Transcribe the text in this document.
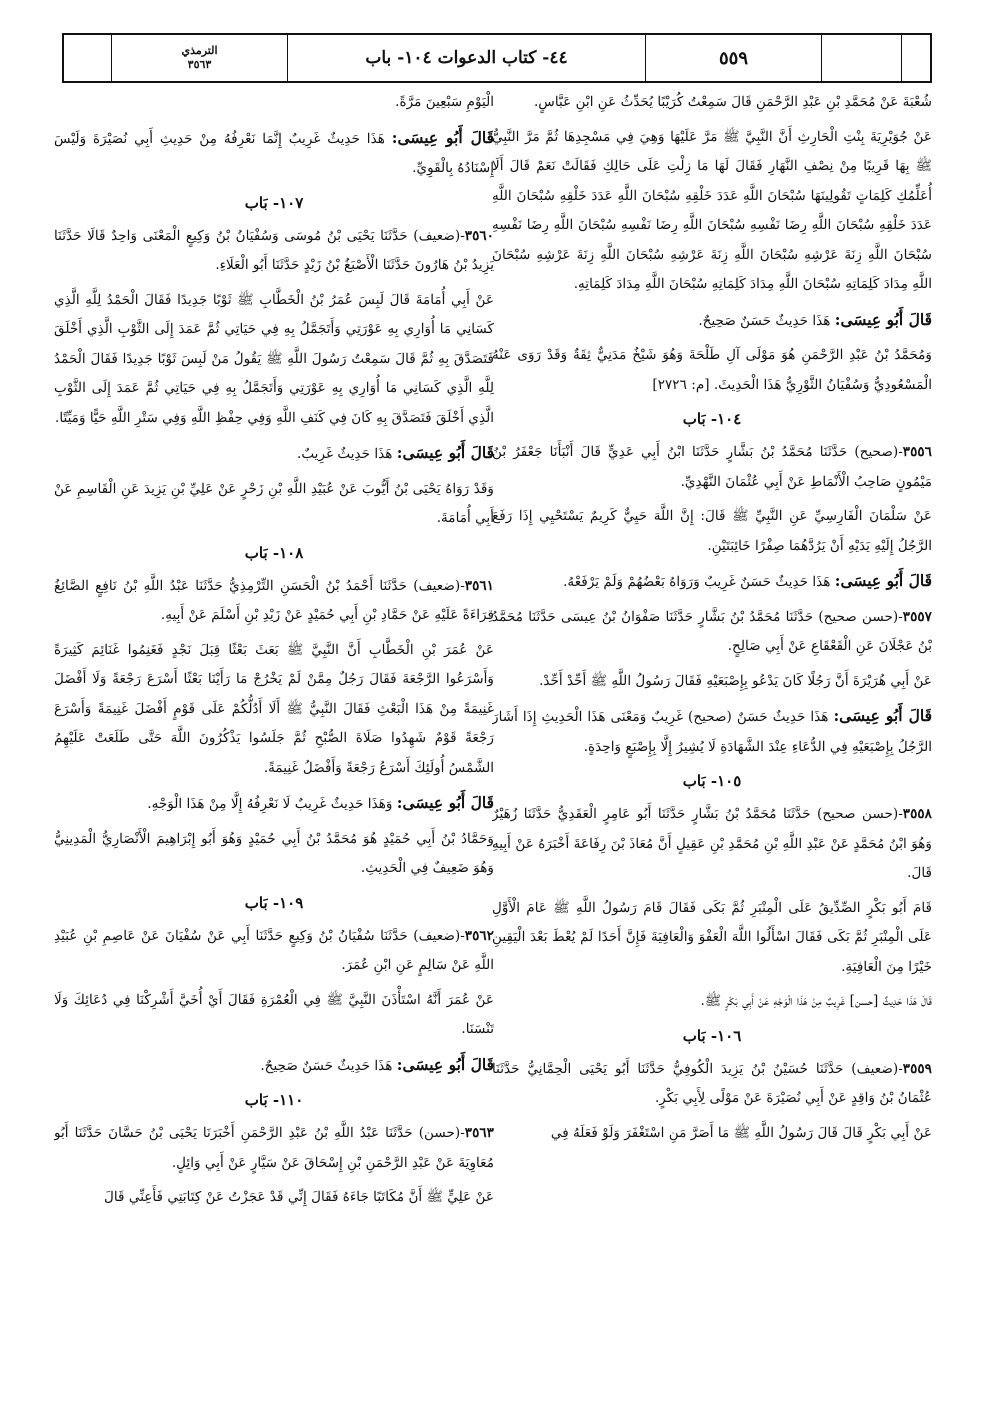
الترمذي
٣٥٦٣	٤٤- كتاب الدعوات ١٠٤- باب	٥٥٩

شُعْبَةَ عَنْ مُحَمَّدِ بْنِ عَبْدِ الرَّحْمَنِ قَالَ سَمِعْتُ كُرَيْبًا يُحَدِّثُ عَنِ ابْنِ عَبَّاسٍ.

عَنْ جُوَيْرِيَةَ بِنْتِ الْحَارِثِ أَنَّ النَّبِيَّ ﷺ مَرَّ عَلَيْهَا وَهِيَ فِي مَسْجِدِهَا ثُمَّ مَرَّ النَّبِيُّ ﷺ بِهَا قَرِيبًا مِنْ نِصْفِ النَّهَارِ فَقَالَ لَهَا مَا زِلْتِ عَلَى حَالِكِ فَقَالَتْ نَعَمْ قَالَ أَلَا أُعَلِّمُكِ كَلِمَاتٍ تَقُولِينَهَا سُبْحَانَ اللَّهِ عَدَدَ خَلْقِهِ سُبْحَانَ اللَّهِ عَدَدَ خَلْقِهِ سُبْحَانَ اللَّهِ عَدَدَ خَلْقِهِ سُبْحَانَ اللَّهِ رِضَا نَفْسِهِ سُبْحَانَ اللَّهِ رِضَا نَفْسِهِ سُبْحَانَ اللَّهِ رِضَا نَفْسِهِ سُبْحَانَ اللَّهِ زِنَةَ عَرْشِهِ سُبْحَانَ اللَّهِ زِنَةَ عَرْشِهِ سُبْحَانَ اللَّهِ زِنَةَ عَرْشِهِ سُبْحَانَ اللَّهِ مِدَادَ كَلِمَاتِهِ سُبْحَانَ اللَّهِ مِدَادَ كَلِمَاتِهِ سُبْحَانَ اللَّهِ مِدَادَ كَلِمَاتِهِ.

قَالَ أَبُو عِيسَى: هَذَا حَدِيثٌ حَسَنٌ صَحِيحٌ.

وَمُحَمَّدُ بْنُ عَبْدِ الرَّحْمَنِ هُوَ مَوْلَى آلِ طَلْحَةَ وَهُوَ شَيْخٌ مَدَنِيٌّ ثِقَةٌ وَقَدْ رَوَى عَنْهُ الْمَسْعُودِيُّ وَسُفْيَانُ الثَّوْرِيُّ هَذَا الْحَدِيثَ. [م: ٢٧٢٦]

١٠٤- بَاب

٣٥٥٦-(صحيح) حَدَّثَنَا مُحَمَّدُ بْنُ بَشَّارٍ حَدَّثَنَا ابْنُ أَبِي عَدِيٍّ قَالَ أَنْبَأَنَا جَعْفَرُ بْنُ مَيْمُونٍ صَاحِبُ الْأَنْمَاطِ عَنْ أَبِي عُثْمَانَ النَّهْدِيِّ.

عَنْ سَلْمَانَ الْفَارِسِيِّ عَنِ النَّبِيِّ ﷺ قَالَ: إِنَّ اللَّهَ حَيِيٌّ كَرِيمٌ يَسْتَحْيِي إِذَا رَفَعَ الرَّجُلُ إِلَيْهِ يَدَيْهِ أَنْ يَرُدَّهُمَا صِفْرًا خَائِبَتَيْنِ.

قَالَ أَبُو عِيسَى: هَذَا حَدِيثٌ حَسَنٌ غَرِيبٌ وَرَوَاهُ بَعْضُهُمْ وَلَمْ يَرْفَعْهُ.

٣٥٥٧-(حسن صحيح) حَدَّثَنَا مُحَمَّدُ بْنُ بَشَّارٍ حَدَّثَنَا صَفْوَانُ بْنُ عِيسَى حَدَّثَنَا مُحَمَّدُ بْنُ عَجْلَانَ عَنِ الْقَعْقَاعِ عَنْ أَبِي صَالِحٍ.

عَنْ أَبِي هُرَيْرَةَ أَنَّ رَجُلًا كَانَ يَدْعُو بِإِصْبَعَيْهِ فَقَالَ رَسُولُ اللَّهِ ﷺ أَحِّدْ أَحِّدْ.

قَالَ أَبُو عِيسَى: هَذَا حَدِيثٌ حَسَنٌ (صحيح) غَرِيبٌ وَمَعْنَى هَذَا الْحَدِيثِ إِذَا أَشَارَ الرَّجُلُ بِإِصْبَعَيْهِ فِي الدُّعَاءِ عِنْدَ الشَّهَادَةِ لَا يُشِيرُ إِلَّا بِإِصْبَعٍ وَاحِدَةٍ.

١٠٥- بَاب

٣٥٥٨-(حسن صحيح) حَدَّثَنَا مُحَمَّدُ بْنُ بَشَّارٍ حَدَّثَنَا أَبُو عَامِرٍ الْعَقَدِيُّ حَدَّثَنَا زُهَيْرٌ وَهُوَ ابْنُ مُحَمَّدٍ عَنْ عَبْدِ اللَّهِ بْنِ مُحَمَّدِ بْنِ عَقِيلٍ أَنَّ مُعَاذَ بْنَ رِفَاعَةَ أَخْبَرَهُ عَنْ أَبِيهِ قَالَ.

قَامَ أَبُو بَكْرٍ الصِّدِّيقُ عَلَى الْمِنْبَرِ ثُمَّ بَكَى فَقَالَ قَامَ رَسُولُ اللَّهِ ﷺ عَامَ الْأَوَّلِ عَلَى الْمِنْبَرِ ثُمَّ بَكَى فَقَالَ اسْأَلُوا اللَّهَ الْعَفْوَ وَالْعَافِيَةَ فَإِنَّ أَحَدًا لَمْ يُعْطَ بَعْدَ الْيَقِينِ خَيْرًا مِنَ الْعَافِيَةِ.

قَالَ هَذَا حَدِيثٌ [حسن] غَرِيبٌ مِنْ هَذَا الْوَجْهِ عَنْ أَبِي بَكْرٍ ﷺ.

١٠٦- بَاب

٣٥٥٩-(ضعيف) حَدَّثَنَا حُسَيْنُ بْنُ يَزِيدَ الْكُوفِيُّ حَدَّثَنَا أَبُو يَحْيَى الْحِمَّانِيُّ حَدَّثَنَا عُثْمَانُ بْنُ وَاقِدٍ عَنْ أَبِي نُصَيْرَةَ عَنْ مَوْلًى لِأَبِي بَكْرٍ.

عَنْ أَبِي بَكْرٍ قَالَ قَالَ رَسُولُ اللَّهِ ﷺ مَا أَصَرَّ مَنِ اسْتَغْفَرَ وَلَوْ فَعَلَهُ فِي

الْيَوْمِ سَبْعِينَ مَرَّةً.

قَالَ أَبُو عِيسَى: هَذَا حَدِيثٌ غَرِيبٌ إِنَّمَا نَعْرِفُهُ مِنْ حَدِيثِ أَبِي نُصَيْرَةَ وَلَيْسَ إِسْنَادُهُ بِالْقَوِيِّ.

١٠٧- بَاب

٣٥٦٠-(ضعيف) حَدَّثَنَا يَحْيَى بْنُ مُوسَى وَسُفْيَانُ بْنُ وَكِيعٍ الْمَعْنَى وَاحِدٌ قَالَا حَدَّثَنَا يَزِيدُ بْنُ هَارُونَ حَدَّثَنَا الْأَصْبَغُ بْنُ زَيْدٍ حَدَّثَنَا أَبُو الْعَلَاءِ.

عَنْ أَبِي أُمَامَةَ قَالَ لَبِسَ عُمَرُ بْنُ الْخَطَّابِ ﷺ ثَوْبًا جَدِيدًا فَقَالَ الْحَمْدُ لِلَّهِ الَّذِي كَسَانِي مَا أُوَارِي بِهِ عَوْرَتِي وَأَتَجَمَّلُ بِهِ فِي حَيَاتِي ثُمَّ عَمَدَ إِلَى الثَّوْبِ الَّذِي أَخْلَقَ فَتَصَدَّقَ بِهِ ثُمَّ قَالَ سَمِعْتُ رَسُولَ اللَّهِ ﷺ يَقُولُ مَنْ لَبِسَ ثَوْبًا جَدِيدًا فَقَالَ الْحَمْدُ لِلَّهِ الَّذِي كَسَانِي مَا أُوَارِي بِهِ عَوْرَتِي وَأَتَجَمَّلُ بِهِ فِي حَيَاتِي ثُمَّ عَمَدَ إِلَى الثَّوْبِ الَّذِي أَخْلَقَ فَتَصَدَّقَ بِهِ كَانَ فِي كَنَفِ اللَّهِ وَفِي حِفْظِ اللَّهِ وَفِي سَتْرِ اللَّهِ حَيًّا وَمَيِّتًا.

قَالَ أَبُو عِيسَى: هَذَا حَدِيثٌ غَرِيبٌ.

وَقَدْ رَوَاهُ يَحْيَى بْنُ أَيُّوبَ عَنْ عُبَيْدِ اللَّهِ بْنِ زَحْرٍ عَنْ عَلِيِّ بْنِ يَزِيدَ عَنِ الْقَاسِمِ عَنْ أَبِي أُمَامَةَ.

١٠٨- بَاب

٣٥٦١-(ضعيف) حَدَّثَنَا أَحْمَدُ بْنُ الْحَسَنِ التِّرْمِذِيُّ حَدَّثَنَا عَبْدُ اللَّهِ بْنُ نَافِعٍ الصَّائِغُ قِرَاءَةً عَلَيْهِ عَنْ حَمَّادِ بْنِ أَبِي حُمَيْدٍ عَنْ زَيْدِ بْنِ أَسْلَمَ عَنْ أَبِيهِ.

عَنْ عُمَرَ بْنِ الْخَطَّابِ أَنَّ النَّبِيَّ ﷺ بَعَثَ بَعْثًا قِبَلَ نَجْدٍ فَغَنِمُوا غَنَائِمَ كَثِيرَةً وَأَسْرَعُوا الرَّجْعَةَ فَقَالَ رَجُلٌ مِمَّنْ لَمْ يَخْرُجْ مَا رَأَيْنَا بَعْثًا أَسْرَعَ رَجْعَةً وَلَا أَفْضَلَ غَنِيمَةً مِنْ هَذَا الْبَعْثِ فَقَالَ النَّبِيُّ ﷺ أَلَا أَدُلُّكُمْ عَلَى قَوْمٍ أَفْضَلَ غَنِيمَةً وَأَسْرَعَ رَجْعَةً قَوْمٌ شَهِدُوا صَلَاةَ الصُّبْحِ ثُمَّ جَلَسُوا يَذْكُرُونَ اللَّهَ حَتَّى طَلَعَتْ عَلَيْهِمُ الشَّمْسُ أُولَئِكَ أَسْرَعُ رَجْعَةً وَأَفْضَلُ غَنِيمَةً.

قَالَ أَبُو عِيسَى: وَهَذَا حَدِيثٌ غَرِيبٌ لَا نَعْرِفُهُ إِلَّا مِنْ هَذَا الْوَجْهِ.

وَحَمَّادُ بْنُ أَبِي حُمَيْدٍ هُوَ مُحَمَّدُ بْنُ أَبِي حُمَيْدٍ وَهُوَ أَبُو إِبْرَاهِيمَ الْأَنْصَارِيُّ الْمَدِينِيُّ وَهُوَ ضَعِيفٌ فِي الْحَدِيثِ.

١٠٩- بَاب

٣٥٦٢-(ضعيف) حَدَّثَنَا سُفْيَانُ بْنُ وَكِيعٍ حَدَّثَنَا أَبِي عَنْ سُفْيَانَ عَنْ عَاصِمِ بْنِ عُبَيْدِ اللَّهِ عَنْ سَالِمٍ عَنِ ابْنِ عُمَرَ.

عَنْ عُمَرَ أَنَّهُ اسْتَأْذَنَ النَّبِيَّ ﷺ فِي الْعُمْرَةِ فَقَالَ أَيْ أُخَيَّ أَشْرِكْنَا فِي دُعَائِكَ وَلَا تَنْسَنَا.

قَالَ أَبُو عِيسَى: هَذَا حَدِيثٌ حَسَنٌ صَحِيحٌ.

١١٠- بَاب

٣٥٦٣-(حسن) حَدَّثَنَا عَبْدُ اللَّهِ بْنُ عَبْدِ الرَّحْمَنِ أَخْبَرَنَا يَحْيَى بْنُ حَسَّانَ حَدَّثَنَا أَبُو مُعَاوِيَةَ عَنْ عَبْدِ الرَّحْمَنِ بْنِ إِسْحَاقَ عَنْ سَيَّارٍ عَنْ أَبِي وَائِلٍ.

عَنْ عَلِيٍّ ﷺ أَنَّ مُكَاتَبًا جَاءَهُ فَقَالَ إِنِّي قَدْ عَجَزْتُ عَنْ كِتَابَتِي فَأَعِنِّي قَالَ
